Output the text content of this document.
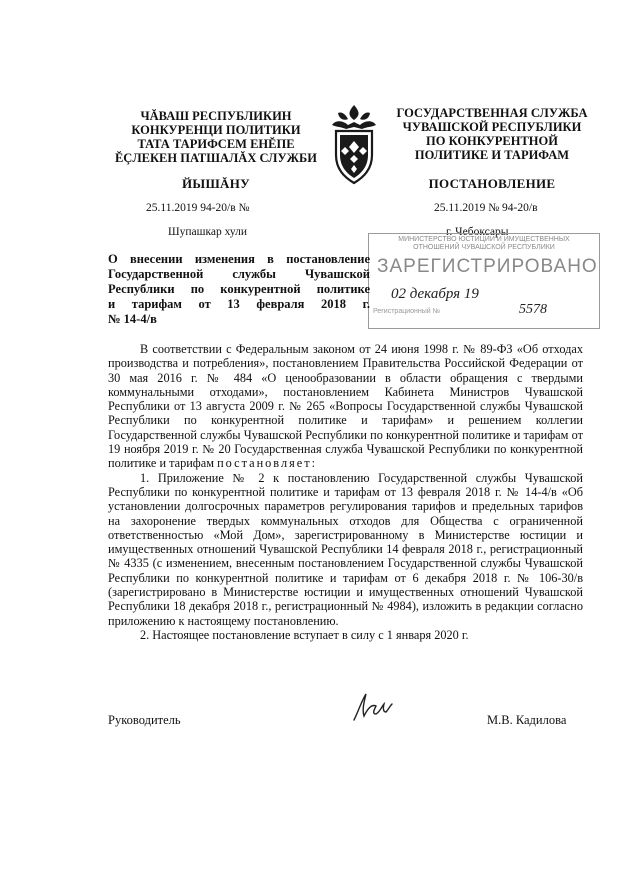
ЧĂВАШ РЕСПУБЛИКИН
КОНКУРЕНЦИ ПОЛИТИКИ
ТАТА ТАРИФСЕМ ЕНĔПЕ
ĔÇЛЕКЕН ПАТШАЛĂХ СЛУЖБИ
ГОСУДАРСТВЕННАЯ СЛУЖБА
ЧУВАШСКОЙ РЕСПУБЛИКИ
ПО КОНКУРЕНТНОЙ
ПОЛИТИКЕ И ТАРИФАМ
ЙЫШĂНУ	ПОСТАНОВЛЕНИЕ
25.11.2019 94-20/в №	25.11.2019 № 94-20/в
Шупашкар хули	г. Чебоксары
МИНИСТЕРСТВО ЮСТИЦИИ И ИМУЩЕСТВЕННЫХ
ОТНОШЕНИЙ ЧУВАШСКОЙ РЕСПУБЛИКИ
ЗАРЕГИСТРИРОВАНО
02 декабря 19
Регистрационный №	5578
О внесении изменения в постановление
Государственной службы Чувашской
Республики по конкурентной политике
и тарифам от 13 февраля 2018 г.
№ 14-4/в

В соответствии с Федеральным законом от 24 июня 1998 г. № 89-ФЗ «Об отходах производства и потребления», постановлением Правительства Российской Федерации от 30 мая 2016 г. № 484 «О ценообразовании в области обращения с твердыми коммунальными отходами», постановлением Кабинета Министров Чувашской Республики от 13 августа 2009 г. № 265 «Вопросы Государственной службы Чувашской Республики по конкурентной политике и тарифам» и решением коллегии Государственной службы Чувашской Республики по конкурентной политике и тарифам от 19 ноября 2019 г. № 20 Государственная служба Чувашской Республики по конкурентной политике и тарифам постановляет:

1. Приложение № 2 к постановлению Государственной службы Чувашской Республики по конкурентной политике и тарифам от 13 февраля 2018 г. № 14-4/в «Об установлении долгосрочных параметров регулирования тарифов и предельных тарифов на захоронение твердых коммунальных отходов для Общества с ограниченной ответственностью «Мой Дом», зарегистрированному в Министерстве юстиции и имущественных отношений Чувашской Республики 14 февраля 2018 г., регистрационный № 4335 (с изменением, внесенным постановлением Государственной службы Чувашской Республики по конкурентной политике и тарифам от 6 декабря 2018 г. № 106-30/в (зарегистрировано в Министерстве юстиции и имущественных отношений Чувашской Республики 18 декабря 2018 г., регистрационный № 4984), изложить в редакции согласно приложению к настоящему постановлению.

2. Настоящее постановление вступает в силу с 1 января 2020 г.

Руководитель	М.В. Кадилова
